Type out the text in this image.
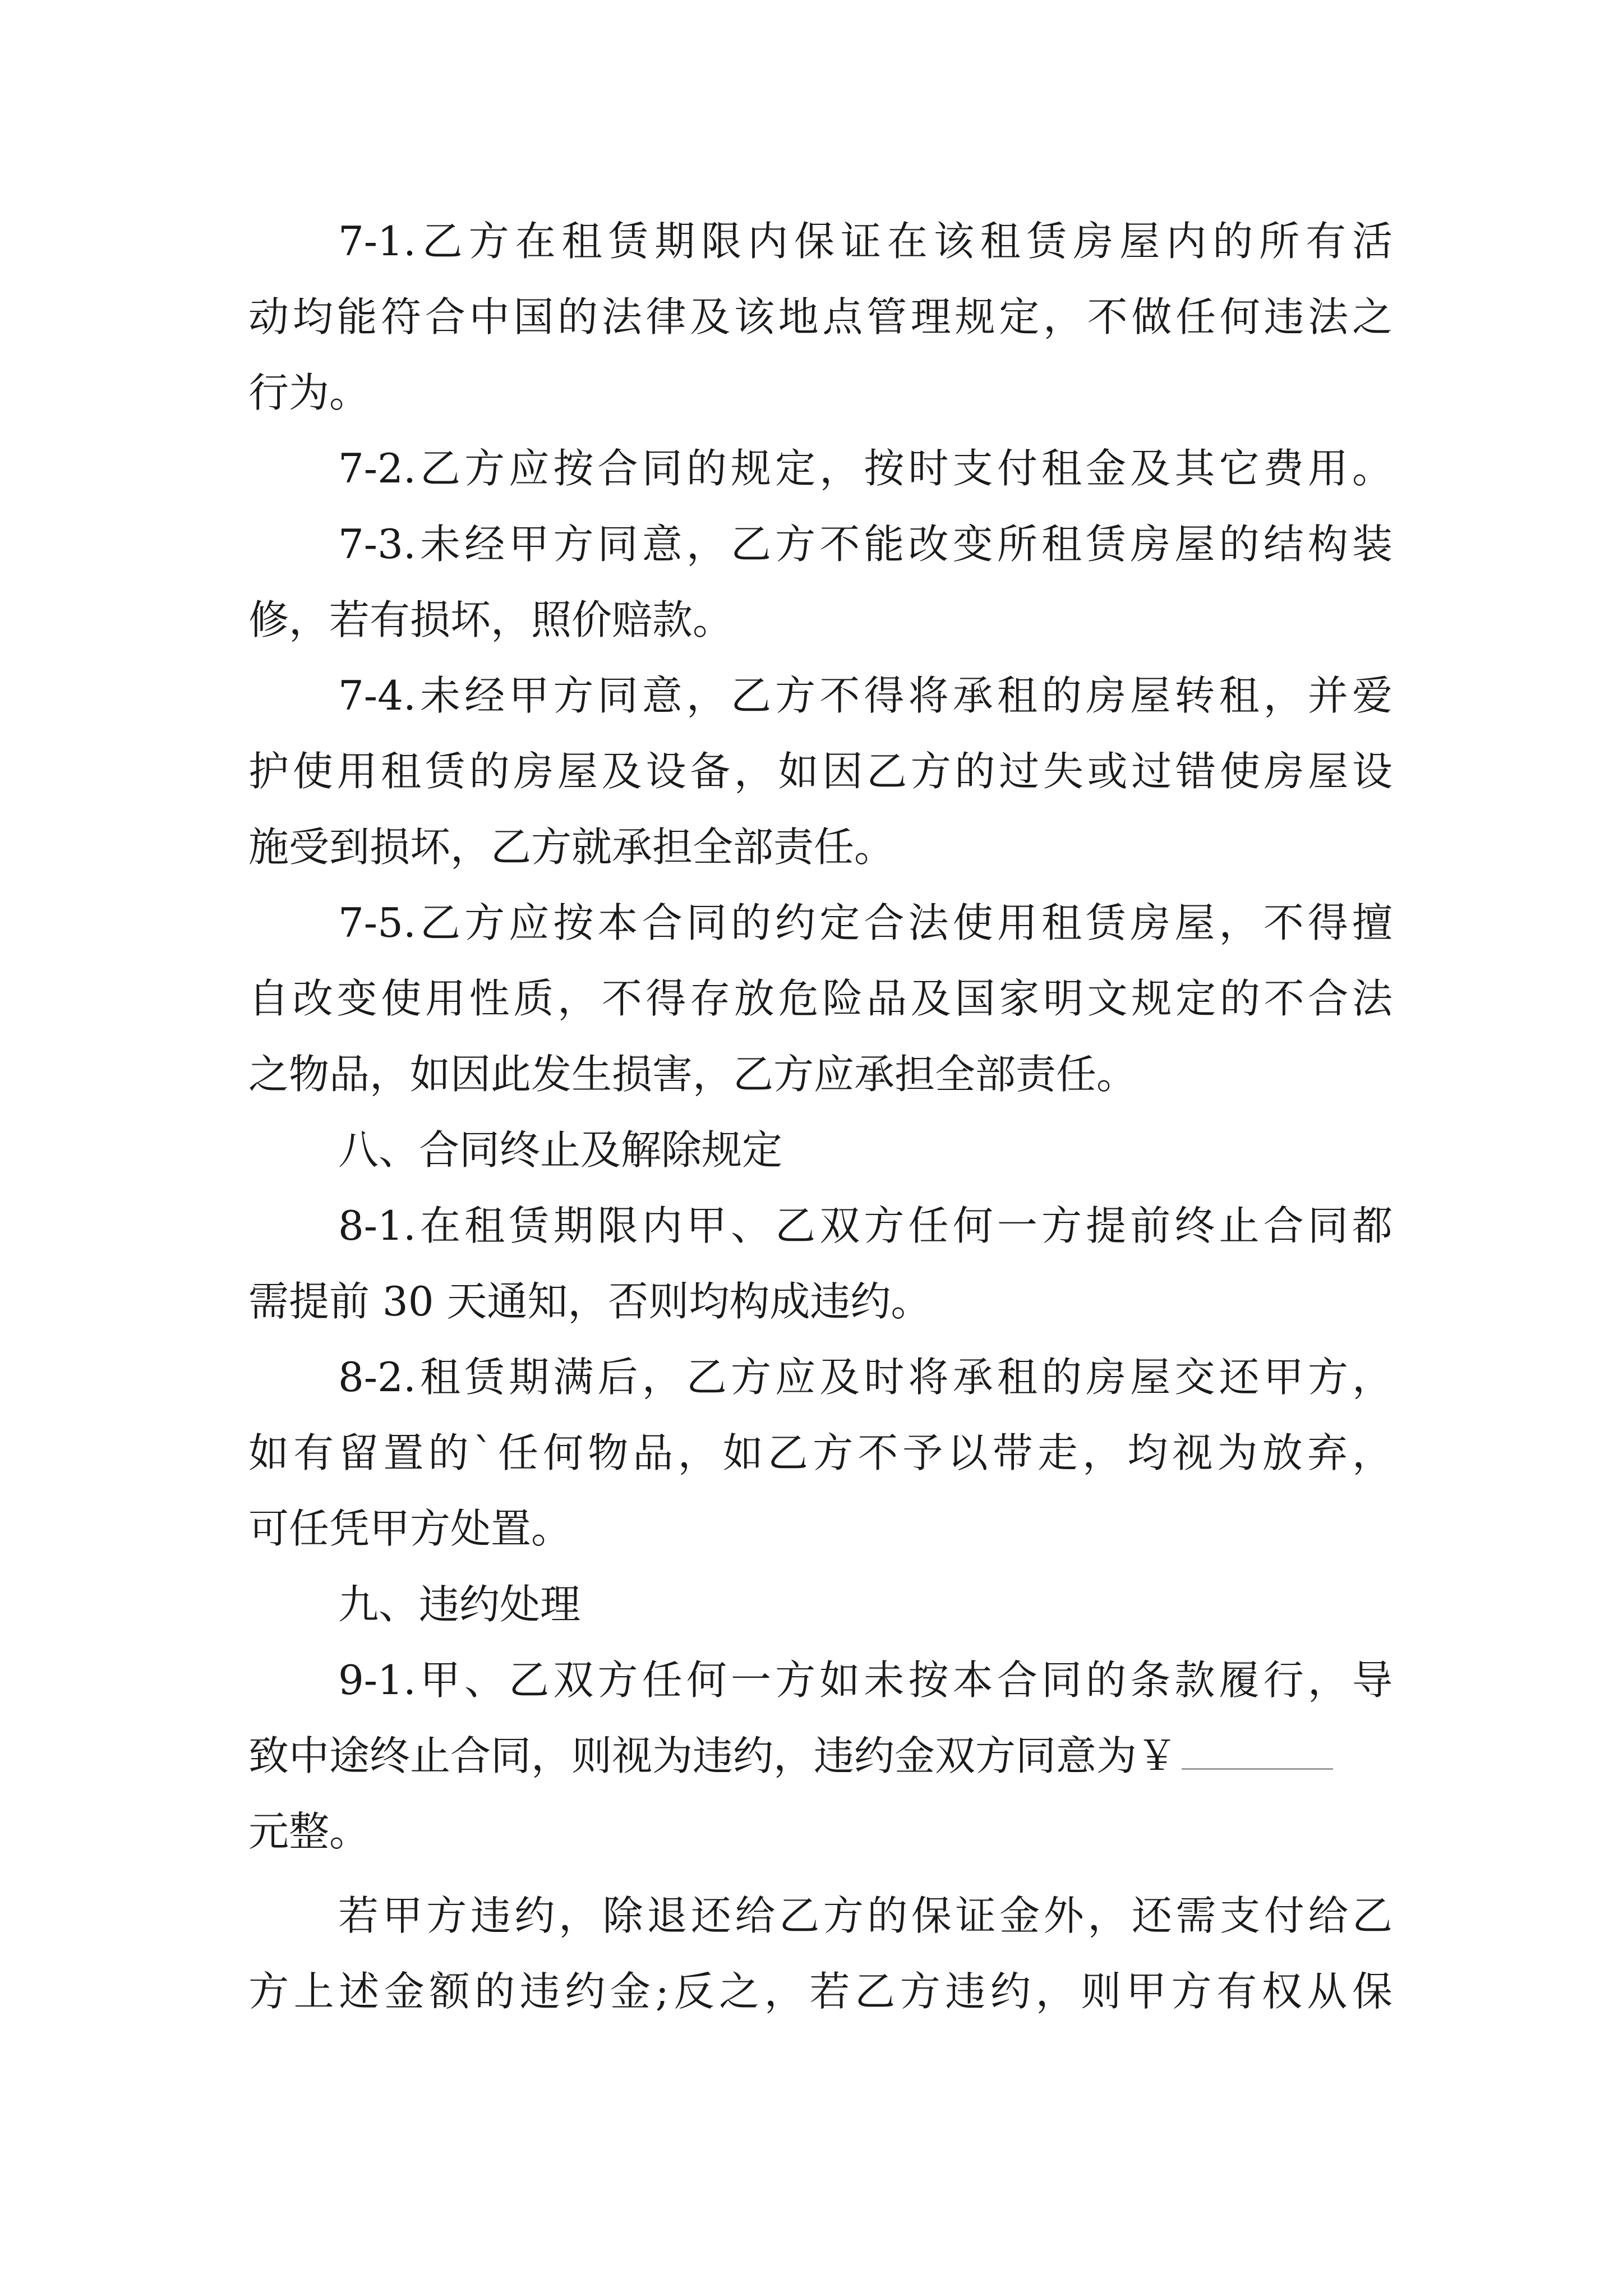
7-1.乙方在租赁期限内保证在该租赁房屋内的所有活
动均能符合中国的法律及该地点管理规定，不做任何违法之
行为。
7-2.乙方应按合同的规定，按时支付租金及其它费用。
7-3.未经甲方同意，乙方不能改变所租赁房屋的结构装
修，若有损坏，照价赔款。
7-4.未经甲方同意，乙方不得将承租的房屋转租，并爱
护使用租赁的房屋及设备，如因乙方的过失或过错使房屋设
施受到损坏，乙方就承担全部责任。
7-5.乙方应按本合同的约定合法使用租赁房屋，不得擅
自改变使用性质，不得存放危险品及国家明文规定的不合法
之物品，如因此发生损害，乙方应承担全部责任。
八、合同终止及解除规定
8-1.在租赁期限内甲、乙双方任何一方提前终止合同都
需提前 30 天通知，否则均构成违约。
8-2.租赁期满后，乙方应及时将承租的房屋交还甲方，
如有留置的`任何物品，如乙方不予以带走，均视为放弃，
可任凭甲方处置。
九、违约处理
9-1.甲、乙双方任何一方如未按本合同的条款履行，导
致中途终止合同，则视为违约，违约金双方同意为￥
元整。
若甲方违约，除退还给乙方的保证金外，还需支付给乙
方上述金额的违约金;反之，若乙方违约，则甲方有权从保
